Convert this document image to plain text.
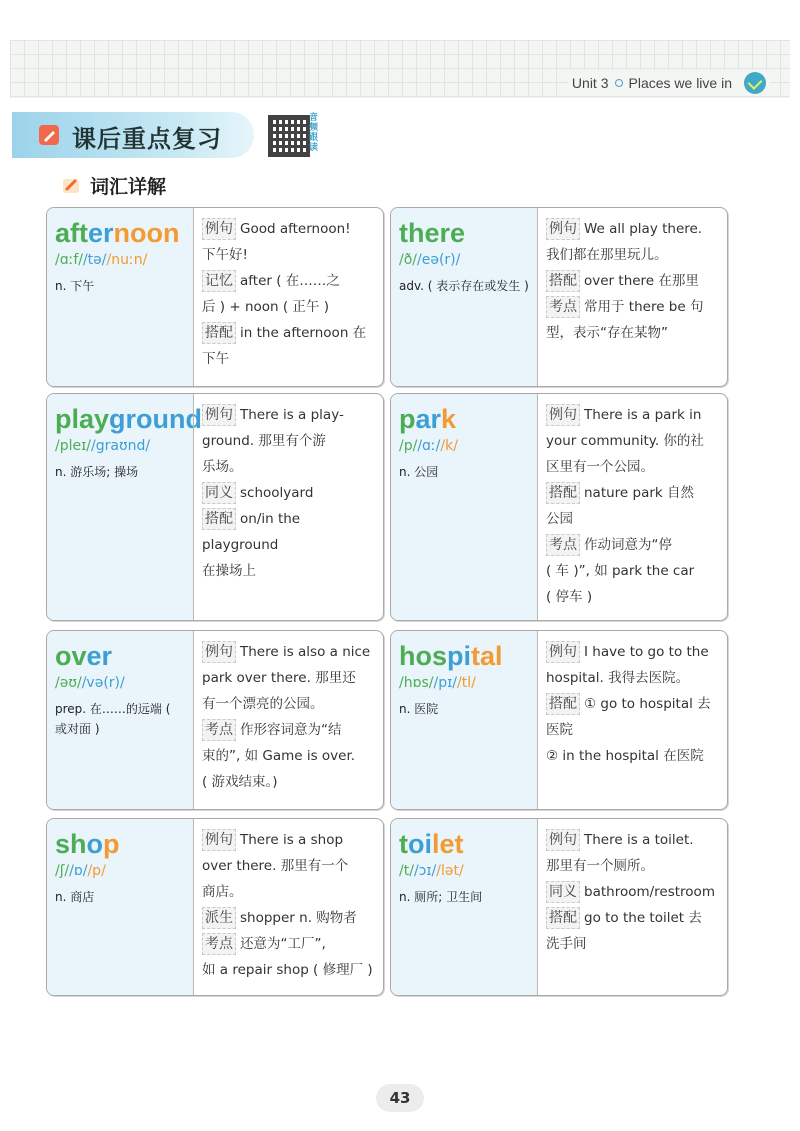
Unit 3 Places we live in
课后重点复习
音频跟读
词汇详解
afternoon
/ɑːf//tə//nuːn/
n. 下午
例句 Good afternoon!
下午好!
记忆 after ( 在……之
后 ) + noon ( 正午 )
搭配 in the afternoon 在
下午
there
/ð//eə(r)/
adv. ( 表示存在或发生 )
例句 We all play there.
我们都在那里玩儿。
搭配 over there 在那里
考点 常用于 there be 句
型，表示“存在某物”
playground
/pleɪ//graʊnd/
n. 游乐场; 操场
例句 There is a play-
ground. 那里有个游
乐场。
同义 schoolyard
搭配 on/in the playground
在操场上
park
/p//ɑː//k/
n. 公园
例句 There is a park in
your community. 你的社
区里有一个公园。
搭配 nature park 自然
公园
考点 作动词意为“停
( 车 )”, 如 park the car
( 停车 )
over
/əʊ//və(r)/
prep. 在……的远端 ( 或对面 )
例句 There is also a nice
park over there. 那里还
有一个漂亮的公园。
考点 作形容词意为“结
束的”, 如 Game is over.
( 游戏结束。)
hospital
/hɒs//pɪ//tl/
n. 医院
例句 I have to go to the
hospital. 我得去医院。
搭配 ① go to hospital 去
医院
② in the hospital 在医院
shop
/ʃ//ɒ//p/
n. 商店
例句 There is a shop
over there. 那里有一个
商店。
派生 shopper n. 购物者
考点 还意为“工厂”,
如 a repair shop ( 修理厂 )
toilet
/t//ɔɪ//lət/
n. 厕所; 卫生间
例句 There is a toilet.
那里有一个厕所。
同义 bathroom/restroom
搭配 go to the toilet 去
洗手间
43
